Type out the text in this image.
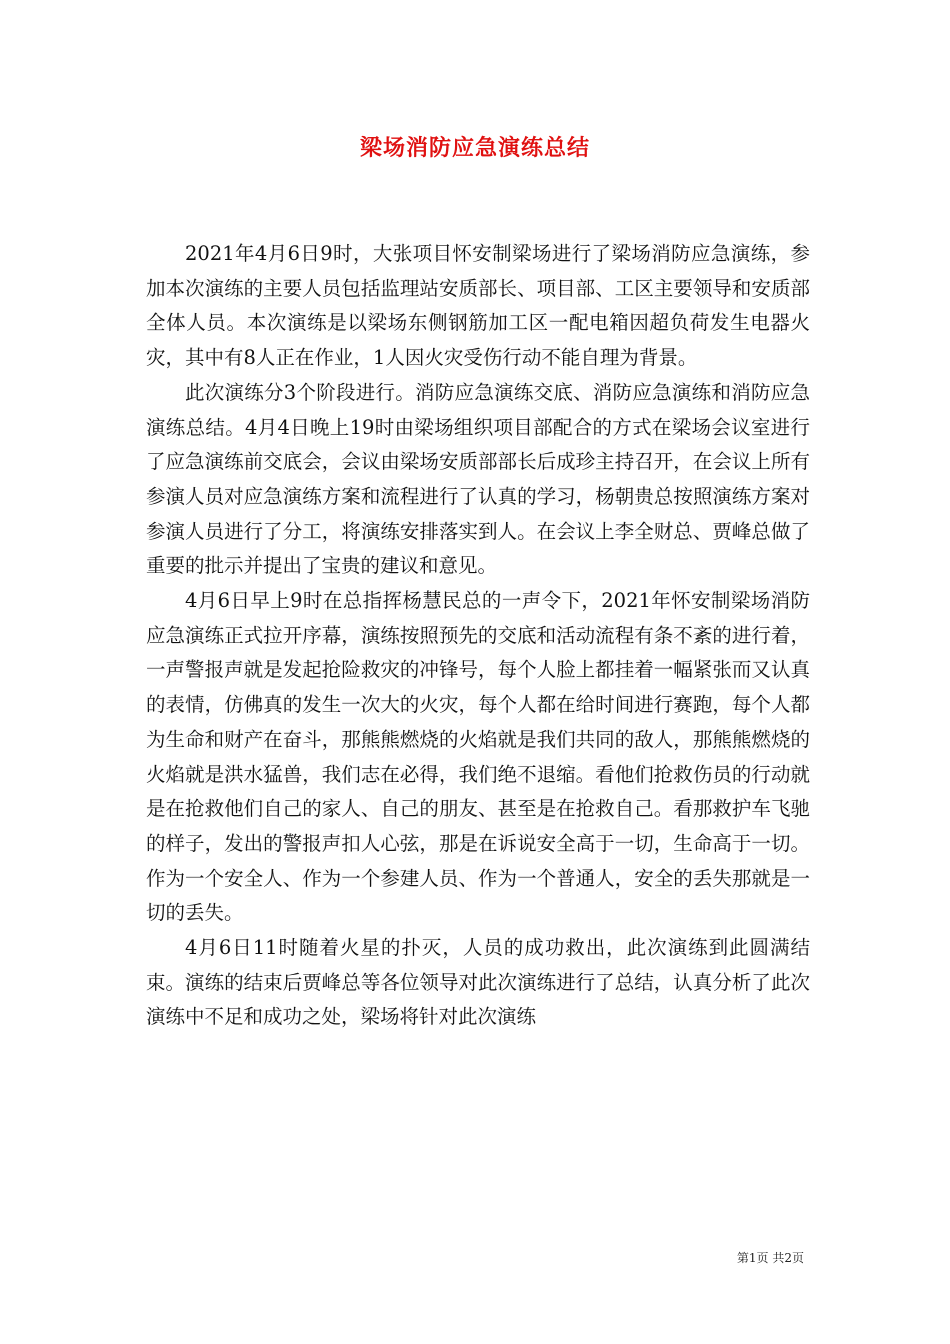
梁场消防应急演练总结

2021年4月6日9时，大张项目怀安制梁场进行了梁场消防应急演练，参加本次演练的主要人员包括监理站安质部长、项目部、工区主要领导和安质部全体人员。本次演练是以梁场东侧钢筋加工区一配电箱因超负荷发生电器火灾，其中有8人正在作业，1人因火灾受伤行动不能自理为背景。

此次演练分3个阶段进行。消防应急演练交底、消防应急演练和消防应急演练总结。4月4日晚上19时由梁场组织项目部配合的方式在梁场会议室进行了应急演练前交底会，会议由梁场安质部部长后成珍主持召开，在会议上所有参演人员对应急演练方案和流程进行了认真的学习，杨朝贵总按照演练方案对参演人员进行了分工，将演练安排落实到人。在会议上李全财总、贾峰总做了重要的批示并提出了宝贵的建议和意见。

4月6日早上9时在总指挥杨慧民总的一声令下，2021年怀安制梁场消防应急演练正式拉开序幕，演练按照预先的交底和活动流程有条不紊的进行着，一声警报声就是发起抢险救灾的冲锋号，每个人脸上都挂着一幅紧张而又认真的表情，仿佛真的发生一次大的火灾，每个人都在给时间进行赛跑，每个人都为生命和财产在奋斗，那熊熊燃烧的火焰就是我们共同的敌人，那熊熊燃烧的火焰就是洪水猛兽，我们志在必得，我们绝不退缩。看他们抢救伤员的行动就是在抢救他们自己的家人、自己的朋友、甚至是在抢救自己。看那救护车飞驰的样子，发出的警报声扣人心弦，那是在诉说安全高于一切，生命高于一切。作为一个安全人、作为一个参建人员、作为一个普通人，安全的丢失那就是一切的丢失。

4月6日11时随着火星的扑灭，人员的成功救出，此次演练到此圆满结束。演练的结束后贾峰总等各位领导对此次演练进行了总结，认真分析了此次演练中不足和成功之处，梁场将针对此次演练

第1页 共2页
